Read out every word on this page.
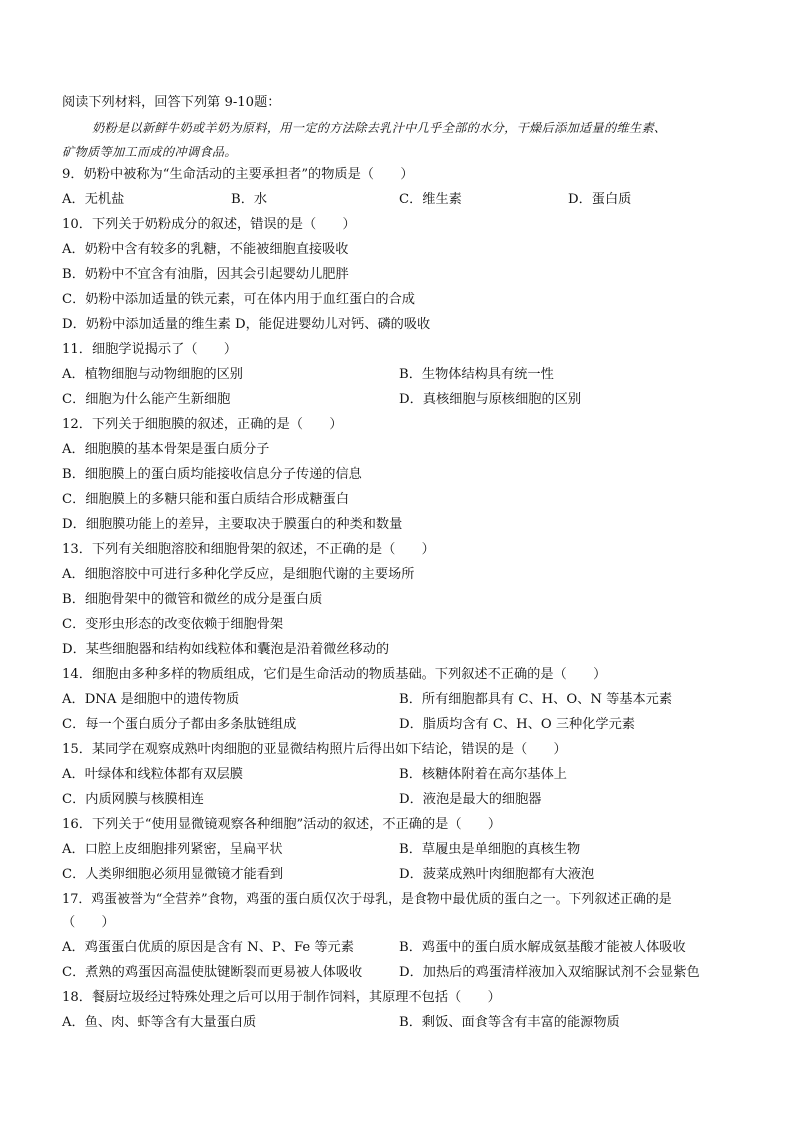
阅读下列材料，回答下列第 9-10题：
奶粉是以新鲜牛奶或羊奶为原料，用一定的方法除去乳汁中几乎全部的水分，干燥后添加适量的维生素、
矿物质等加工而成的冲调食品。
9．奶粉中被称为“生命活动的主要承担者”的物质是（　　）
A．无机盐	B．水	C．维生素	D．蛋白质
10．下列关于奶粉成分的叙述，错误的是（　　）
A．奶粉中含有较多的乳糖，不能被细胞直接吸收
B．奶粉中不宜含有油脂，因其会引起婴幼儿肥胖
C．奶粉中添加适量的铁元素，可在体内用于血红蛋白的合成
D．奶粉中添加适量的维生素 D，能促进婴幼儿对钙、磷的吸收
11．细胞学说揭示了（　　）
A．植物细胞与动物细胞的区别	B．生物体结构具有统一性
C．细胞为什么能产生新细胞	D．真核细胞与原核细胞的区别
12．下列关于细胞膜的叙述，正确的是（　　）
A．细胞膜的基本骨架是蛋白质分子
B．细胞膜上的蛋白质均能接收信息分子传递的信息
C．细胞膜上的多糖只能和蛋白质结合形成糖蛋白
D．细胞膜功能上的差异，主要取决于膜蛋白的种类和数量
13．下列有关细胞溶胶和细胞骨架的叙述，不正确的是（　　）
A．细胞溶胶中可进行多种化学反应，是细胞代谢的主要场所
B．细胞骨架中的微管和微丝的成分是蛋白质
C．变形虫形态的改变依赖于细胞骨架
D．某些细胞器和结构如线粒体和囊泡是沿着微丝移动的
14．细胞由多种多样的物质组成，它们是生命活动的物质基础。下列叙述不正确的是（　　）
A．DNA 是细胞中的遗传物质	B．所有细胞都具有 C、H、O、N 等基本元素
C．每一个蛋白质分子都由多条肽链组成	D．脂质均含有 C、H、O 三种化学元素
15．某同学在观察成熟叶肉细胞的亚显微结构照片后得出如下结论，错误的是（　　）
A．叶绿体和线粒体都有双层膜	B．核糖体附着在高尔基体上
C．内质网膜与核膜相连	D．液泡是最大的细胞器
16．下列关于“使用显微镜观察各种细胞”活动的叙述，不正确的是（　　）
A．口腔上皮细胞排列紧密，呈扁平状	B．草履虫是单细胞的真核生物
C．人类卵细胞必须用显微镜才能看到	D．菠菜成熟叶肉细胞都有大液泡
17．鸡蛋被誉为“全营养”食物，鸡蛋的蛋白质仅次于母乳，是食物中最优质的蛋白之一。下列叙述正确的是
（　　）
A．鸡蛋蛋白优质的原因是含有 N、P、Fe 等元素	B．鸡蛋中的蛋白质水解成氨基酸才能被人体吸收
C．煮熟的鸡蛋因高温使肽键断裂而更易被人体吸收	D．加热后的鸡蛋清样液加入双缩脲试剂不会显紫色
18．餐厨垃圾经过特殊处理之后可以用于制作饲料，其原理不包括（　　）
A．鱼、肉、虾等含有大量蛋白质	B．剩饭、面食等含有丰富的能源物质
